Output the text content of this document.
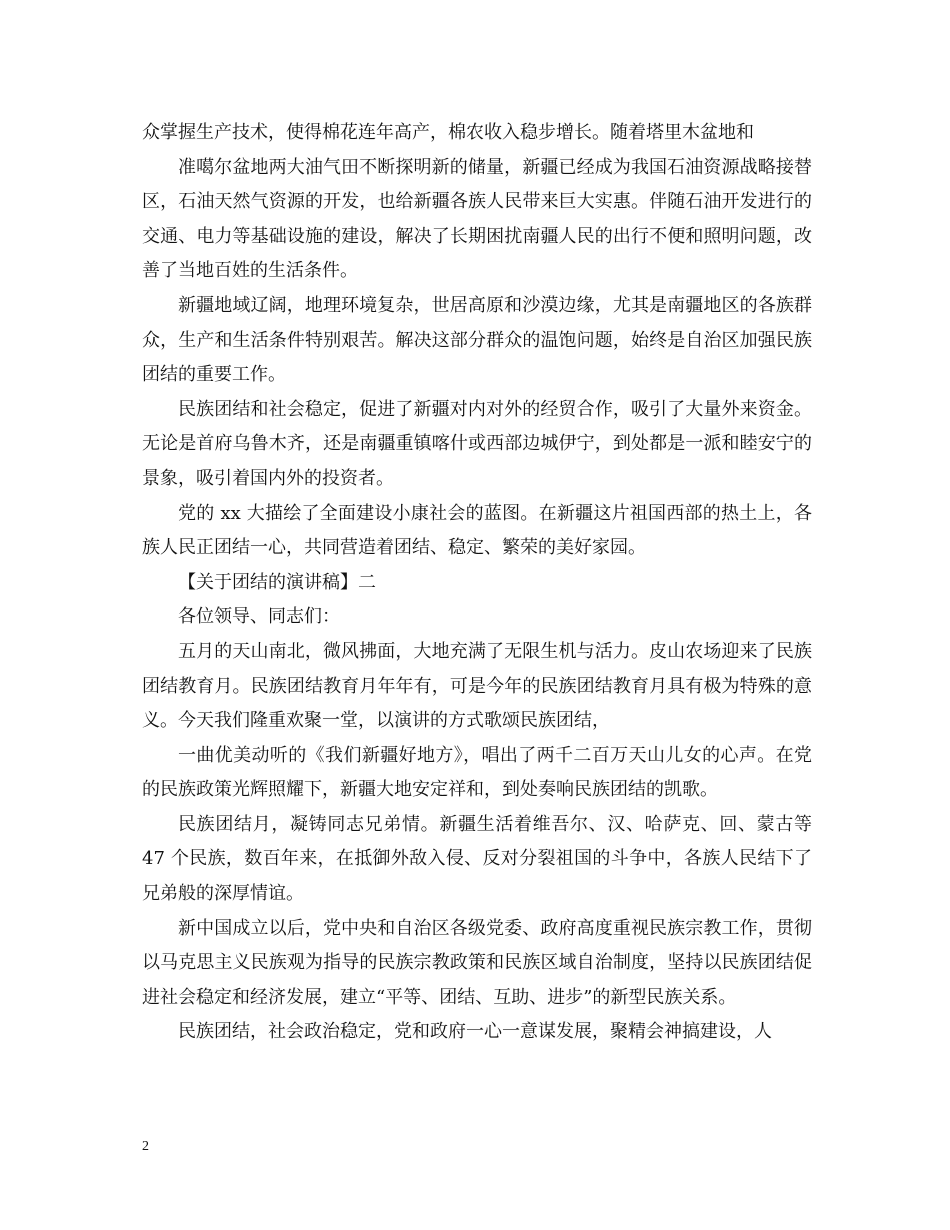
众掌握生产技术，使得棉花连年高产，棉农收入稳步增长。随着塔里木盆地和

准噶尔盆地两大油气田不断探明新的储量，新疆已经成为我国石油资源战略接替区，石油天然气资源的开发，也给新疆各族人民带来巨大实惠。伴随石油开发进行的交通、电力等基础设施的建设，解决了长期困扰南疆人民的出行不便和照明问题，改善了当地百姓的生活条件。

新疆地域辽阔，地理环境复杂，世居高原和沙漠边缘，尤其是南疆地区的各族群众，生产和生活条件特别艰苦。解决这部分群众的温饱问题，始终是自治区加强民族团结的重要工作。

民族团结和社会稳定，促进了新疆对内对外的经贸合作，吸引了大量外来资金。无论是首府乌鲁木齐，还是南疆重镇喀什或西部边城伊宁，到处都是一派和睦安宁的景象，吸引着国内外的投资者。

党的 xx 大描绘了全面建设小康社会的蓝图。在新疆这片祖国西部的热土上，各族人民正团结一心，共同营造着团结、稳定、繁荣的美好家园。

【关于团结的演讲稿】二

各位领导、同志们：

五月的天山南北，微风拂面，大地充满了无限生机与活力。皮山农场迎来了民族团结教育月。民族团结教育月年年有，可是今年的民族团结教育月具有极为特殊的意义。今天我们隆重欢聚一堂，以演讲的方式歌颂民族团结，

一曲优美动听的《我们新疆好地方》，唱出了两千二百万天山儿女的心声。在党的民族政策光辉照耀下，新疆大地安定祥和，到处奏响民族团结的凯歌。

民族团结月，凝铸同志兄弟情。新疆生活着维吾尔、汉、哈萨克、回、蒙古等 47 个民族，数百年来，在抵御外敌入侵、反对分裂祖国的斗争中，各族人民结下了兄弟般的深厚情谊。

新中国成立以后，党中央和自治区各级党委、政府高度重视民族宗教工作，贯彻以马克思主义民族观为指导的民族宗教政策和民族区域自治制度，坚持以民族团结促进社会稳定和经济发展，建立“平等、团结、互助、进步”的新型民族关系。

民族团结，社会政治稳定，党和政府一心一意谋发展，聚精会神搞建设，人

2
